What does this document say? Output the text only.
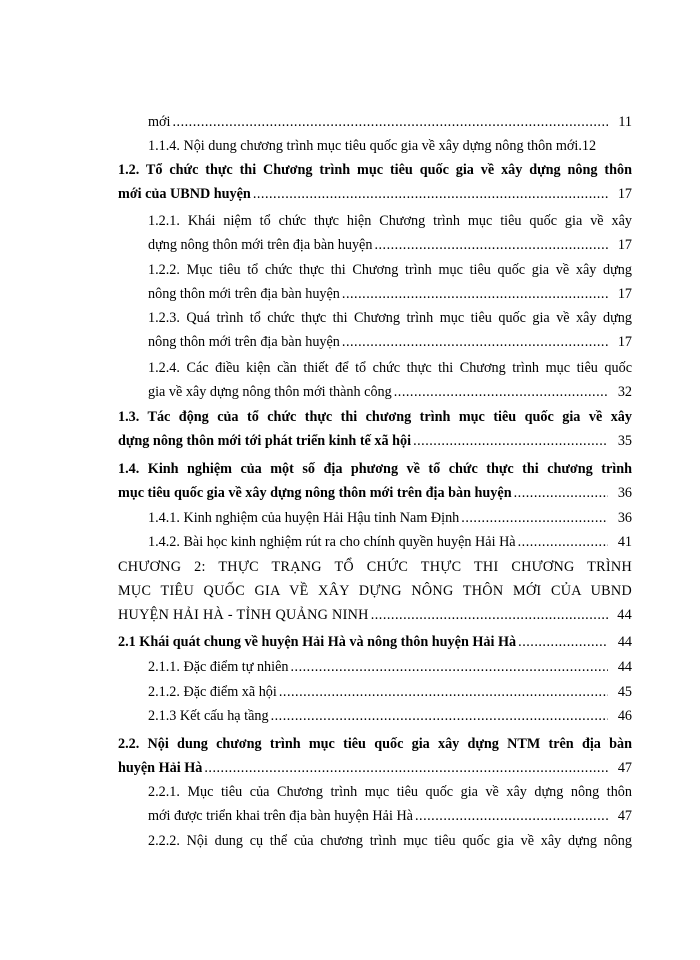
mới .....	11
1.1.4. Nội dung chương trình mục tiêu quốc gia về xây dựng nông thôn mới. 12
1.2. Tổ chức thực thi Chương trình mục tiêu quốc gia về xây dựng nông thôn
mới của UBND huyện .....	17
1.2.1. Khái niệm tổ chức thực hiện Chương trình mục tiêu quốc gia về xây
dựng nông thôn mới trên địa bàn huyện .....	17
1.2.2. Mục tiêu tổ chức thực thi Chương trình mục tiêu quốc gia về xây dựng
nông thôn mới trên địa bàn huyện .....	17
1.2.3. Quá trình tổ chức thực thi Chương trình mục tiêu quốc gia về xây dựng
nông thôn mới trên địa bàn huyện .....	17
1.2.4. Các điều kiện cần thiết để tổ chức thực thi Chương trình mục tiêu quốc
gia về xây dựng nông thôn mới thành công .....	32
1.3. Tác động của tổ chức thực thi chương trình mục tiêu quốc gia về xây
dựng nông thôn mới tới phát triển kinh tế xã hội .....	35
1.4. Kinh nghiệm của một số địa phương về tổ chức thực thi chương trình
mục tiêu quốc gia về xây dựng nông thôn mới trên địa bàn huyện .....	36
1.4.1. Kinh nghiệm của huyện Hải Hậu tỉnh Nam Định .....	36
1.4.2. Bài học kinh nghiệm rút ra cho chính quyền huyện Hải Hà .....	41
CHƯƠNG 2: THỰC TRẠNG TỔ CHỨC THỰC THI CHƯƠNG TRÌNH
MỤC TIÊU QUỐC GIA VỀ XÂY DỰNG NÔNG THÔN MỚI CỦA UBND
HUYỆN HẢI HÀ - TỈNH QUẢNG NINH .....	44
2.1 Khái quát chung về huyện Hải Hà và nông thôn huyện Hải Hà .....	44
2.1.1. Đặc điểm tự nhiên .....	44
2.1.2. Đặc điểm xã hội .....	45
2.1.3 Kết cấu hạ tầng .....	46
2.2. Nội dung chương trình mục tiêu quốc gia xây dựng NTM trên địa bàn
huyện Hải Hà .....	47
2.2.1. Mục tiêu của Chương trình mục tiêu quốc gia về xây dựng nông thôn
mới được triển khai trên địa bàn huyện Hải Hà .....	47
2.2.2. Nội dung cụ thể của chương trình mục tiêu quốc gia về xây dựng nông
